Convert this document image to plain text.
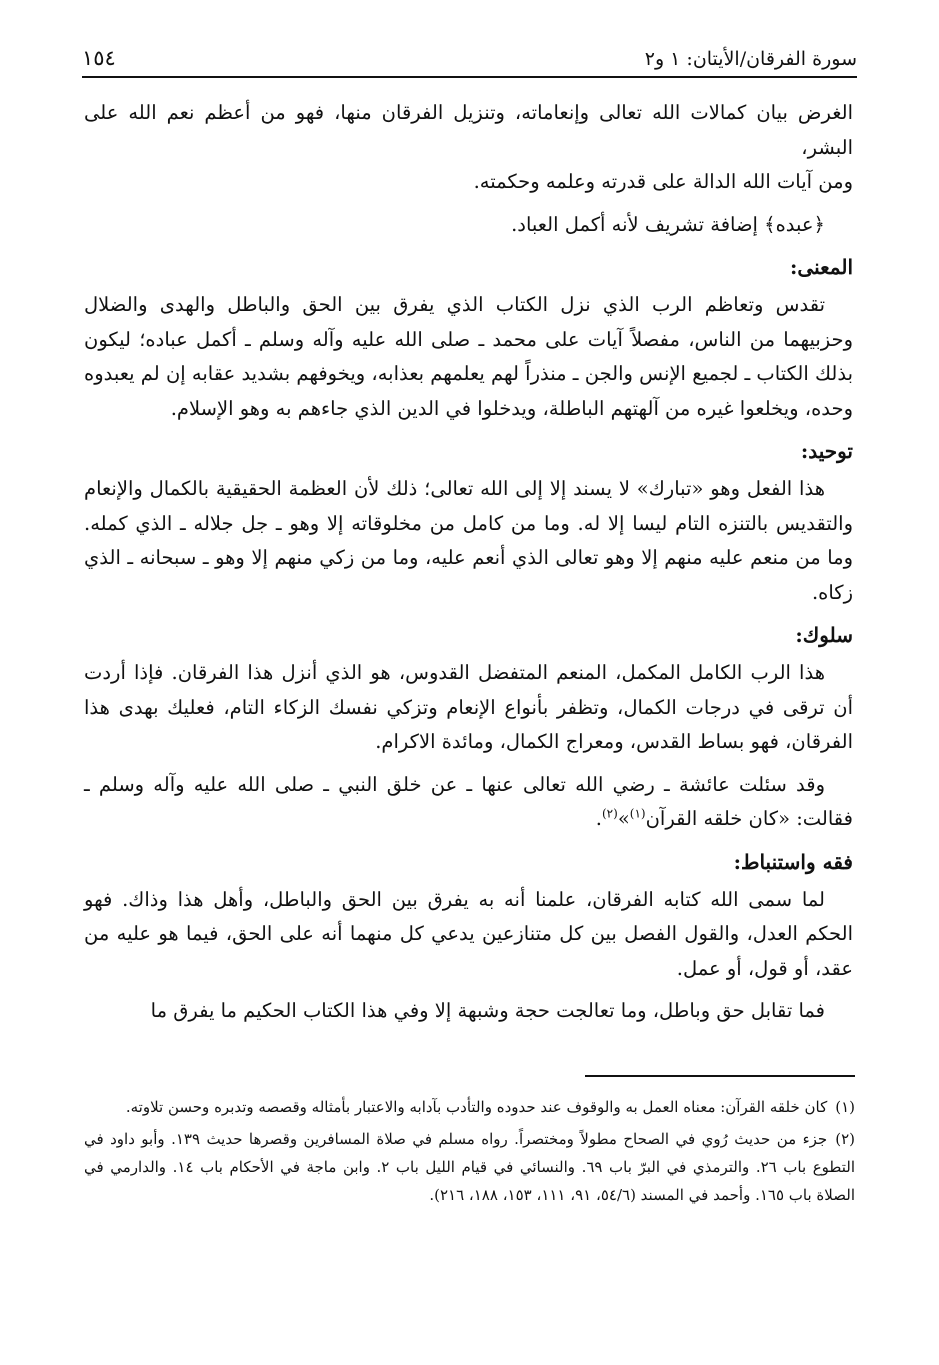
سورة الفرقان/الأيتان: ١ و٢
١٥٤

الغرض بيان كمالات الله تعالى وإنعاماته، وتنزيل الفرقان منها، فهو من أعظم نعم الله على البشر،

ومن آيات الله الدالة على قدرته وعلمه وحكمته.

﴿عبده﴾ إضافة تشريف لأنه أكمل العباد.

المعنى:

تقدس وتعاظم الرب الذي نزل الكتاب الذي يفرق بين الحق والباطل والهدى والضلال وحزبيهما من الناس، مفصلاً آيات على محمد ـ صلى الله عليه وآله وسلم ـ أكمل عباده؛ ليكون بذلك الكتاب ـ لجميع الإنس والجن ـ منذراً لهم يعلمهم بعذابه، ويخوفهم بشديد عقابه إن لم يعبدوه وحده، ويخلعوا غيره من آلهتهم الباطلة، ويدخلوا في الدين الذي جاءهم به وهو الإسلام.

توحيد:

هذا الفعل وهو «تبارك» لا يسند إلا إلى الله تعالى؛ ذلك لأن العظمة الحقيقية بالكمال والإنعام والتقديس بالتنزه التام ليسا إلا له. وما من كامل من مخلوقاته إلا وهو ـ جل جلاله ـ الذي كمله. وما من منعم عليه منهم إلا وهو تعالى الذي أنعم عليه، وما من زكي منهم إلا وهو ـ سبحانه ـ الذي زكاه.

سلوك:

هذا الرب الكامل المكمل، المنعم المتفضل القدوس، هو الذي أنزل هذا الفرقان. فإذا أردت أن ترقى في درجات الكمال، وتظفر بأنواع الإنعام وتزكي نفسك الزكاء التام، فعليك بهدى هذا الفرقان، فهو بساط القدس، ومعراج الكمال، ومائدة الاكرام.

وقد سئلت عائشة ـ رضي الله تعالى عنها ـ عن خلق النبي ـ صلى الله عليه وآله وسلم ـ فقالت: «كان خلقه القرآن$^{(١)}$»$^{(٢)}$.

فقه واستنباط:

لما سمى الله كتابه الفرقان، علمنا أنه به يفرق بين الحق والباطل، وأهل هذا وذاك. فهو الحكم العدل، والقول الفصل بين كل متنازعين يدعي كل منهما أنه على الحق، فيما هو عليه من عقد، أو قول، أو عمل.

فما تقابل حق وباطل، وما تعالجت حجة وشبهة إلا وفي هذا الكتاب الحكيم ما يفرق ما

(١)كان خلقه القرآن: معناه العمل به والوقوف عند حدوده والتأدب بآدابه والاعتبار بأمثاله وقصصه وتدبره وحسن تلاوته.
(٢)جزء من حديث رُوي في الصحاح مطولاً ومختصراً. رواه مسلم في صلاة المسافرين وقصرها حديث ١٣٩. وأبو داود في التطوع باب ٢٦. والترمذي في البرّ باب ٦٩. والنسائي في قيام الليل باب ٢. وابن ماجة في الأحكام باب ١٤. والدارمي في الصلاة باب ١٦٥. وأحمد في المسند (٥٤/٦، ٩١، ١١١، ١٥٣، ١٨٨، ٢١٦).
